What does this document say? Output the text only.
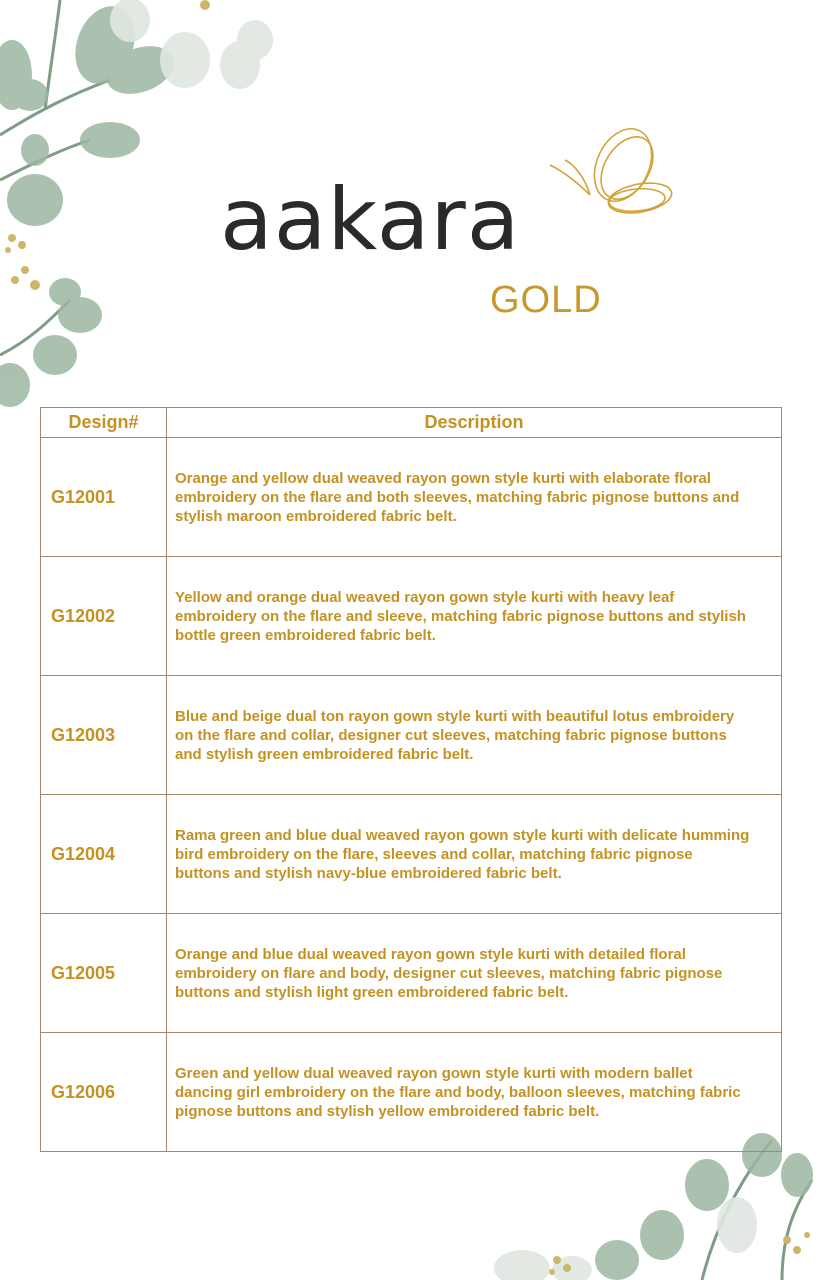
aakara
GOLD
Design#	Description
G12001	Orange and yellow dual weaved rayon gown style kurti with elaborate floral embroidery on the flare and both sleeves, matching fabric pignose buttons and stylish maroon embroidered fabric belt.
G12002	Yellow and orange dual weaved rayon gown style kurti with heavy leaf embroidery on the flare and sleeve, matching fabric pignose buttons and stylish bottle green embroidered fabric belt.
G12003	Blue and beige dual ton rayon gown style kurti with beautiful lotus embroidery on the flare and collar, designer cut sleeves, matching fabric pignose buttons and stylish green embroidered fabric belt.
G12004	Rama green and blue dual weaved rayon gown style kurti with delicate humming bird embroidery on the flare, sleeves and collar, matching fabric pignose buttons and stylish navy-blue embroidered fabric belt.
G12005	Orange and blue dual weaved rayon gown style kurti with detailed floral embroidery on flare and body, designer cut sleeves, matching fabric pignose buttons and stylish light green embroidered fabric belt.
G12006	Green and yellow dual weaved rayon gown style kurti with modern ballet dancing girl embroidery on the flare and body, balloon sleeves, matching fabric pignose buttons and stylish yellow embroidered fabric belt.
